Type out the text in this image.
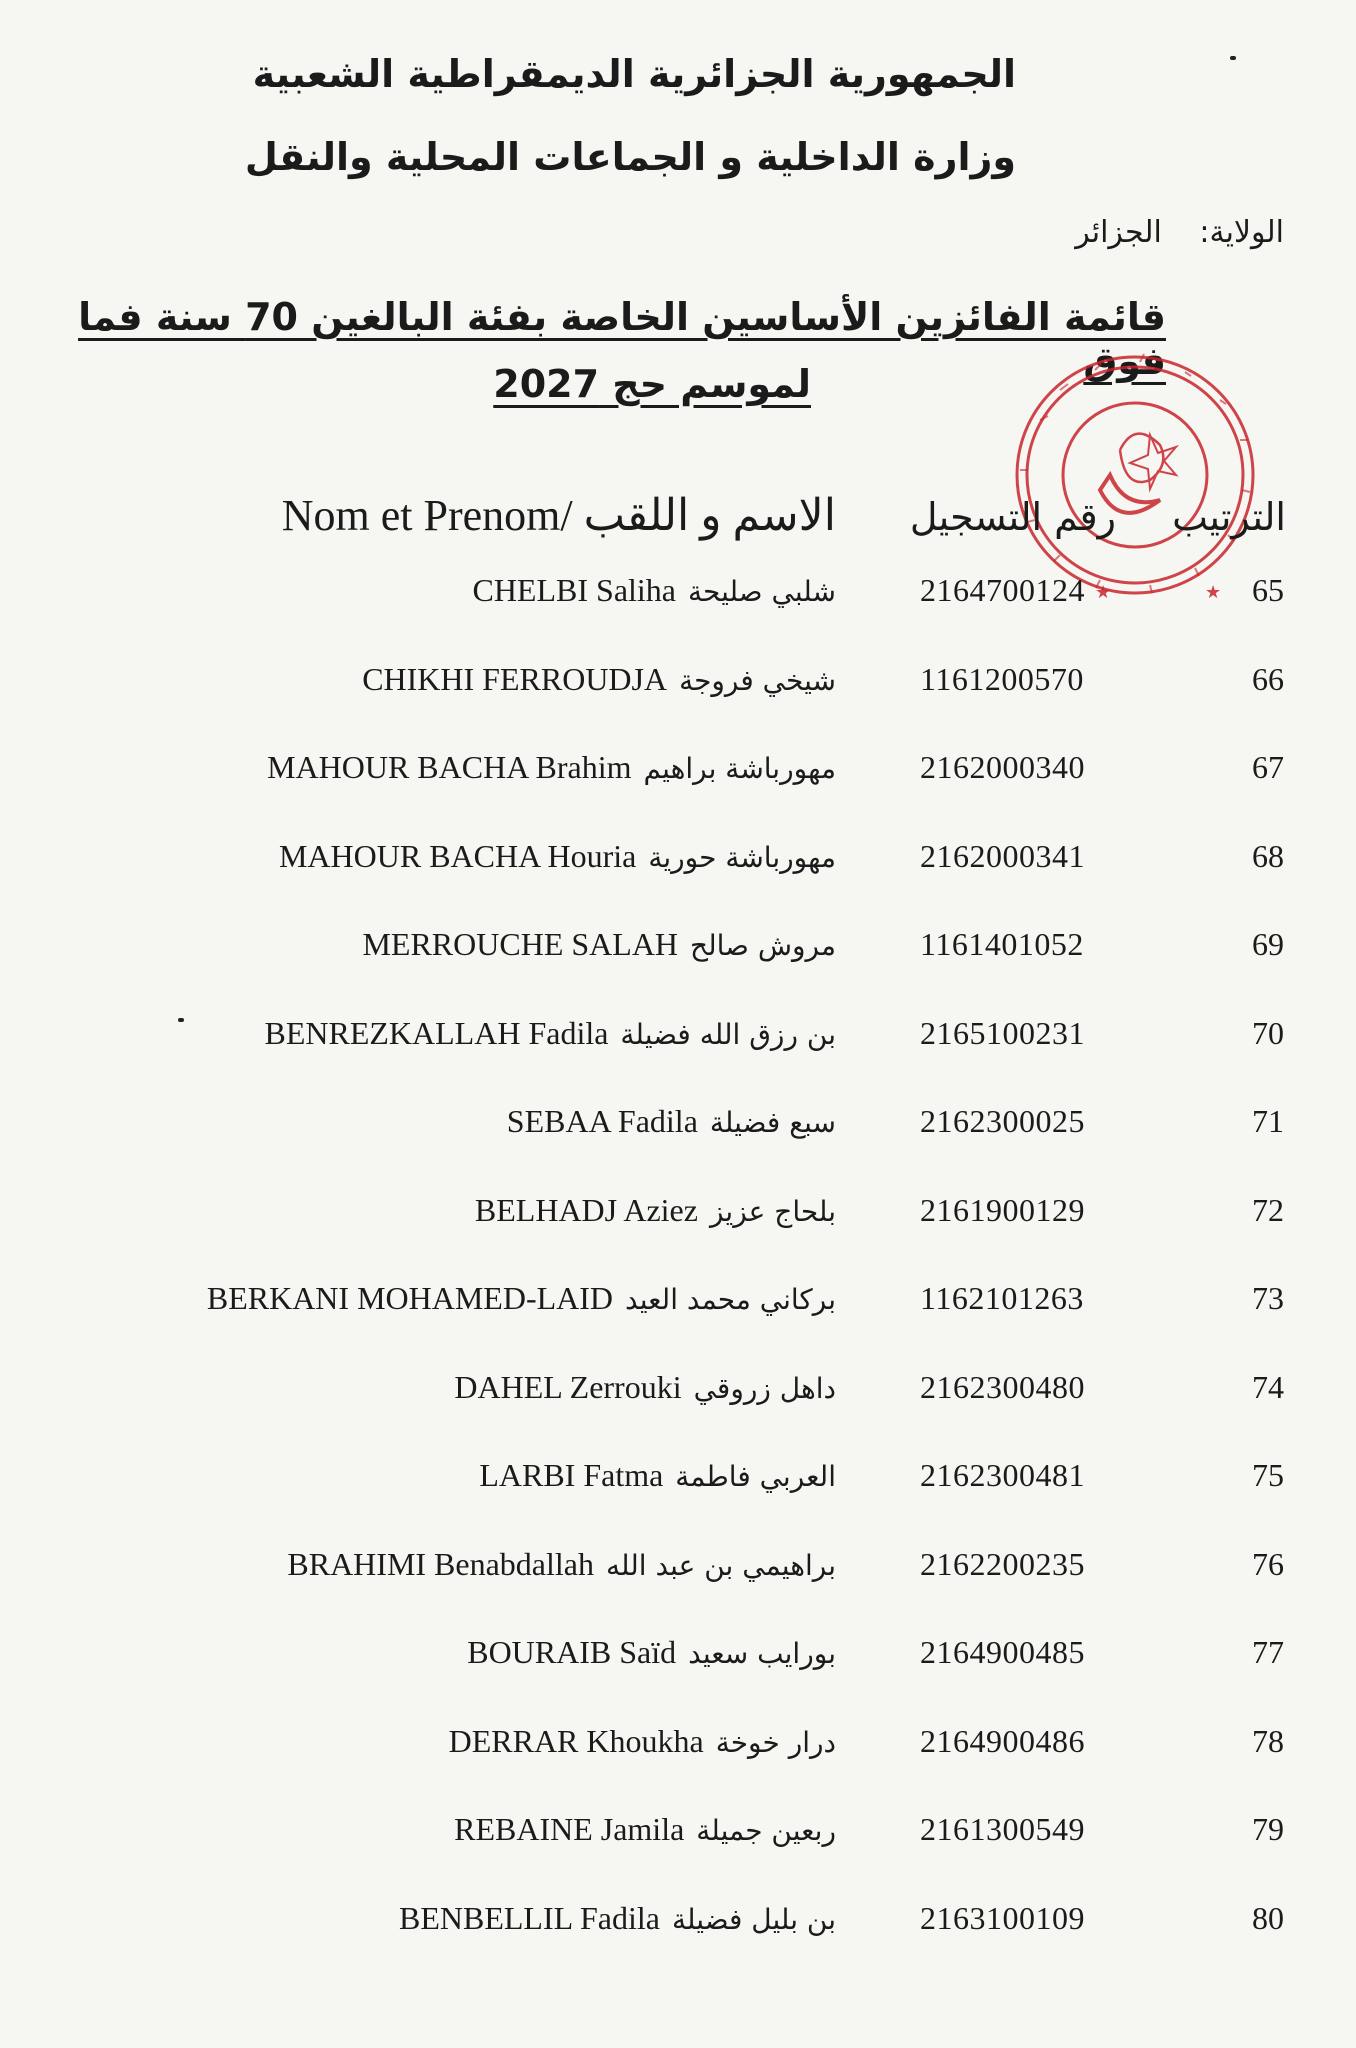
الجمهورية الجزائرية الديمقراطية الشعبية
وزارة الداخلية و الجماعات المحلية والنقل
الولاية: الجزائر
قائمة الفائزين الأساسين الخاصة بفئة البالغين 70 سنة فما فوق
لموسم حج 2027
★	★
Nom et Prenom/ الاسم و اللقب رقم التسجيل الترتيب
65
2164700124
CHELBI Saliha شلبي صليحة
66
1161200570
CHIKHI FERROUDJA شيخي فروجة
67
2162000340
MAHOUR BACHA Brahim مهورباشة براهيم
68
2162000341
MAHOUR BACHA Houria مهورباشة حورية
69
1161401052
MERROUCHE SALAH مروش صالح
70
2165100231
BENREZKALLAH Fadila بن رزق الله فضيلة
71
2162300025
SEBAA Fadila سبع فضيلة
72
2161900129
BELHADJ Aziez بلحاج عزيز
73
1162101263
BERKANI MOHAMED-LAID بركاني محمد العيد
74
2162300480
DAHEL Zerrouki داهل زروقي
75
2162300481
LARBI Fatma العربي فاطمة
76
2162200235
BRAHIMI Benabdallah براهيمي بن عبد الله
77
2164900485
BOURAIB Saïd بورايب سعيد
78
2164900486
DERRAR Khoukha درار خوخة
79
2161300549
REBAINE Jamila ربعين جميلة
80
2163100109
BENBELLIL Fadila بن بليل فضيلة
